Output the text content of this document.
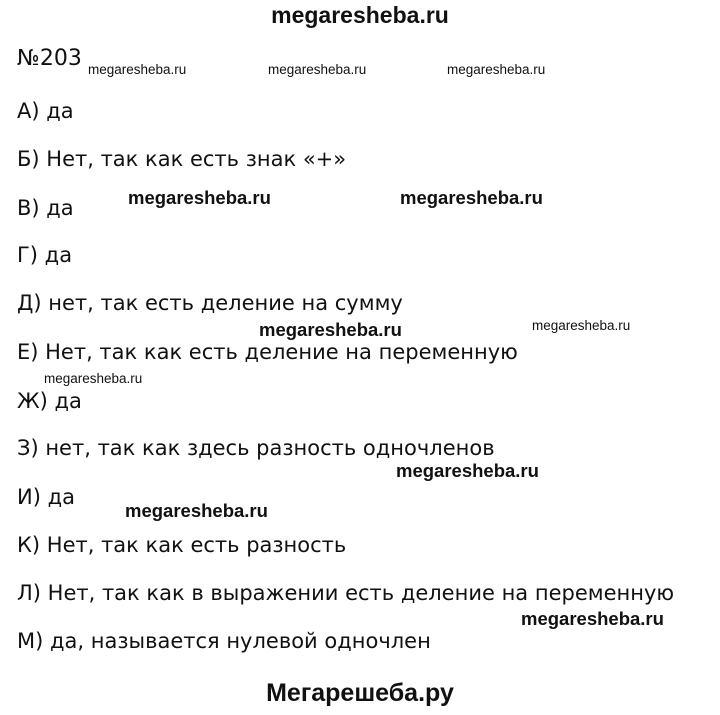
megaresheba.ru
№203
А) да
Б) Нет, так как есть знак «+»
В) да
Г) да
Д) нет, так есть деление на сумму
Е) Нет, так как есть деление на переменную
Ж) да
З) нет, так как здесь разность одночленов
И) да
К) Нет, так как есть разность
Л) Нет, так как в выражении есть деление на переменную
М) да, называется нулевой одночлен
megaresheba.ru	megaresheba.ru	megaresheba.ru
megaresheba.ru	megaresheba.ru
megaresheba.ru	megaresheba.ru
megaresheba.ru
megaresheba.ru
megaresheba.ru
megaresheba.ru
Мегарешеба.ру
